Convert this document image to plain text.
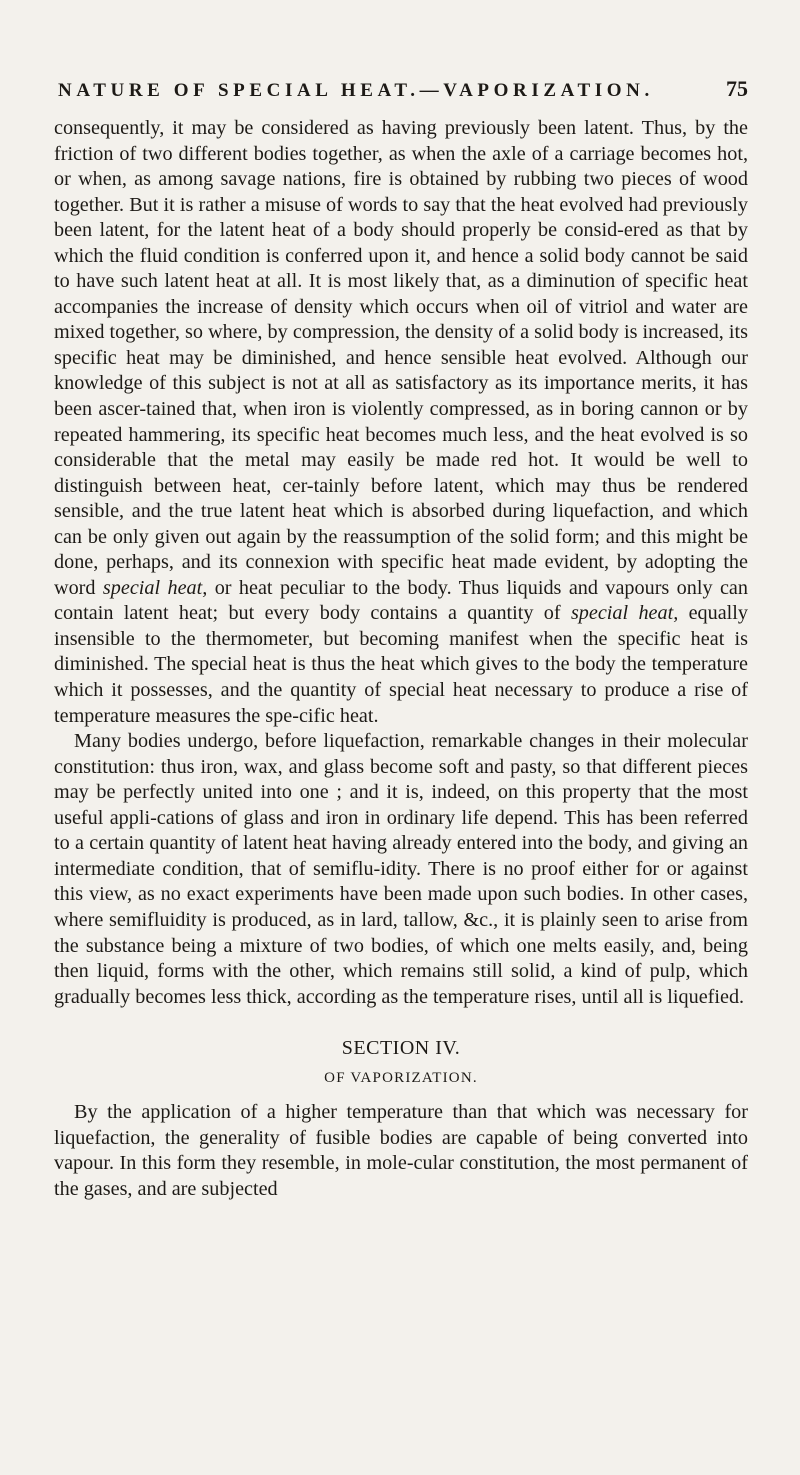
NATURE OF SPECIAL HEAT.—VAPORIZATION.	75

consequently, it may be considered as having previously been latent. Thus, by the friction of two different bodies together, as when the axle of a carriage becomes hot, or when, as among savage nations, fire is obtained by rubbing two pieces of wood together. But it is rather a misuse of words to say that the heat evolved had previously been latent, for the latent heat of a body should properly be consid-ered as that by which the fluid condition is conferred upon it, and hence a solid body cannot be said to have such latent heat at all. It is most likely that, as a diminution of specific heat accompanies the increase of density which occurs when oil of vitriol and water are mixed together, so where, by compression, the density of a solid body is increased, its specific heat may be diminished, and hence sensible heat evolved. Although our knowledge of this subject is not at all as satisfactory as its importance merits, it has been ascer-tained that, when iron is violently compressed, as in boring cannon or by repeated hammering, its specific heat becomes much less, and the heat evolved is so considerable that the metal may easily be made red hot. It would be well to distinguish between heat, cer-tainly before latent, which may thus be rendered sensible, and the true latent heat which is absorbed during liquefaction, and which can be only given out again by the reassumption of the solid form; and this might be done, perhaps, and its connexion with specific heat made evident, by adopting the word special heat, or heat peculiar to the body. Thus liquids and vapours only can contain latent heat; but every body contains a quantity of special heat, equally insensible to the thermometer, but becoming manifest when the specific heat is diminished. The special heat is thus the heat which gives to the body the temperature which it possesses, and the quantity of special heat necessary to produce a rise of temperature measures the spe-cific heat.

Many bodies undergo, before liquefaction, remarkable changes in their molecular constitution: thus iron, wax, and glass become soft and pasty, so that different pieces may be perfectly united into one ; and it is, indeed, on this property that the most useful appli-cations of glass and iron in ordinary life depend. This has been referred to a certain quantity of latent heat having already entered into the body, and giving an intermediate condition, that of semiflu-idity. There is no proof either for or against this view, as no exact experiments have been made upon such bodies. In other cases, where semifluidity is produced, as in lard, tallow, &c., it is plainly seen to arise from the substance being a mixture of two bodies, of which one melts easily, and, being then liquid, forms with the other, which remains still solid, a kind of pulp, which gradually becomes less thick, according as the temperature rises, until all is liquefied.

SECTION IV.
OF VAPORIZATION.

By the application of a higher temperature than that which was necessary for liquefaction, the generality of fusible bodies are capable of being converted into vapour. In this form they resemble, in mole-cular constitution, the most permanent of the gases, and are subjected
